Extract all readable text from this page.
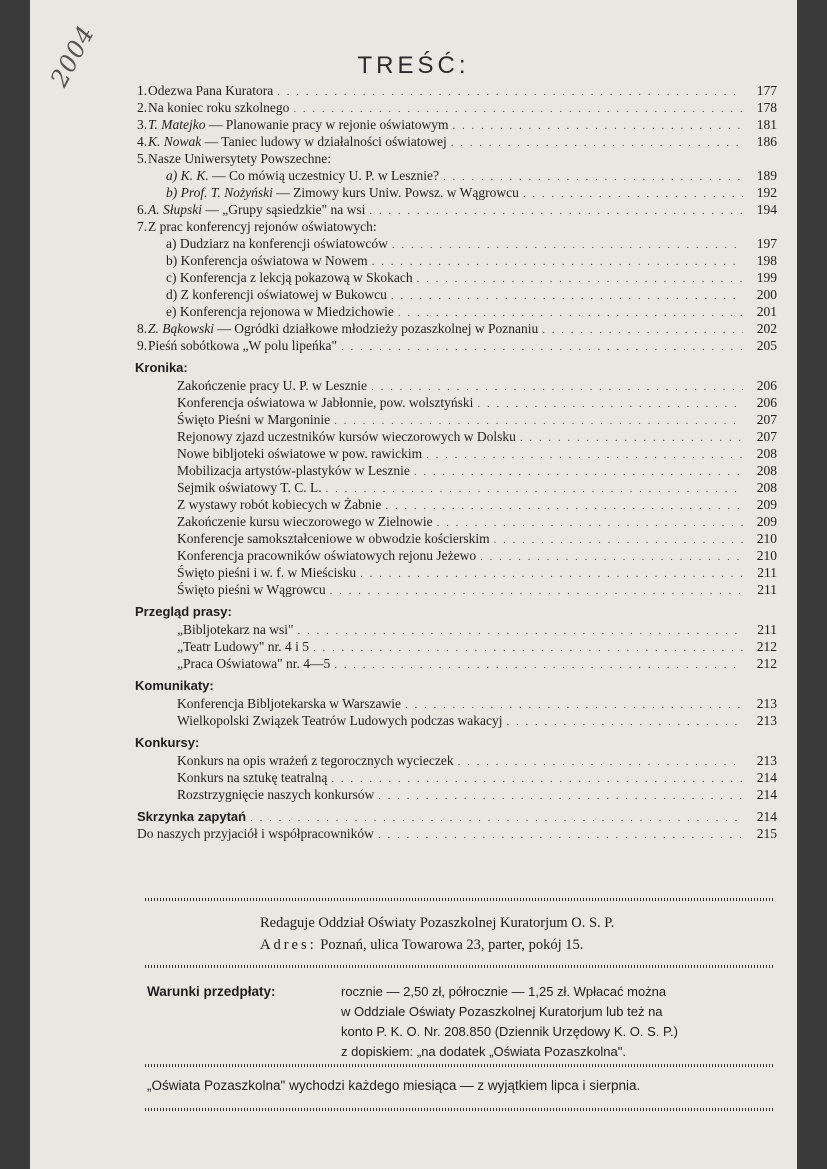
2004	TREŚĆ:
1. Odezwa Pana Kuratora . . .	177
2. Na koniec roku szkolnego . . .	178
3. T. Matejko — Planowanie pracy w rejonie oświatowym . . .	181
4. K. Nowak — Taniec ludowy w działalności oświatowej . . .	186
5. Nasze Uniwersytety Powszechne:
a) K. K. — Co mówią uczestnicy U. P. w Lesznie? . . .	189
b) Prof. T. Nożyński — Zimowy kurs Uniw. Powsz. w Wągrowcu . . .	192
6. A. Słupski — „Grupy sąsiedzkie" na wsi . . .	194
7. Z prac konferencyj rejonów oświatowych:
a) Dudziarz na konferencji oświatowców . . .	197
b) Konferencja oświatowa w Nowem . . .	198
c) Konferencja z lekcją pokazową w Skokach . . .	199
d) Z konferencji oświatowej w Bukowcu . . .	200
e) Konferencja rejonowa w Miedzichowie . . .	201
8. Z. Bąkowski — Ogródki działkowe młodzieży pozaszkolnej w Poznaniu . . .	202
9. Pieśń sobótkowa „W polu lipeńka" . . .	205
Kronika:
Zakończenie pracy U. P. w Lesznie . . .	206
Konferencja oświatowa w Jabłonnie, pow. wolsztyński . . .	206
Święto Pieśni w Margoninie . . .	207
Rejonowy zjazd uczestników kursów wieczorowych w Dolsku . . .	207
Nowe bibljoteki oświatowe w pow. rawickim . . .	208
Mobilizacja artystów-plastyków w Lesznie . . .	208
Sejmik oświatowy T. C. L. . . .	208
Z wystawy robót kobiecych w Żabnie . . .	209
Zakończenie kursu wieczorowego w Zielnowie . . .	209
Konferencje samokształceniowe w obwodzie kościerskim . . .	210
Konferencja pracowników oświatowych rejonu Jeżewo . . .	210
Święto pieśni i w. f. w Mieścisku . . .	211
Święto pieśni w Wągrowcu . . .	211
Przegląd prasy:
„Bibljotekarz na wsi" . . .	211
„Teatr Ludowy" nr. 4 i 5 . . .	212
„Praca Oświatowa" nr. 4—5 . . .	212
Komunikaty:
Konferencja Bibljotekarska w Warszawie . . .	213
Wielkopolski Związek Teatrów Ludowych podczas wakacyj . . .	213
Konkursy:
Konkurs na opis wrażeń z tegorocznych wycieczek . . .	213
Konkurs na sztukę teatralną . . .	214
Rozstrzygnięcie naszych konkursów . . .	214
Skrzynka zapytań . . .	214
Do naszych przyjaciół i współpracowników . . .	215
Redaguje Oddział Oświaty Pozaszkolnej Kuratorjum O. S. P.
Adres: Poznań, ulica Towarowa 23, parter, pokój 15.
Warunki przedpłaty:	rocznie — 2,50 zł, półrocznie — 1,25 zł. Wpłacać można
w Oddziale Oświaty Pozaszkolnej Kuratorjum lub też na
konto P. K. O. Nr. 208.850 (Dziennik Urzędowy K. O. S. P.)
z dopiskiem: „na dodatek „Oświata Pozaszkolna".
„Oświata Pozaszkolna" wychodzi każdego miesiąca — z wyjątkiem lipca i sierpnia.
